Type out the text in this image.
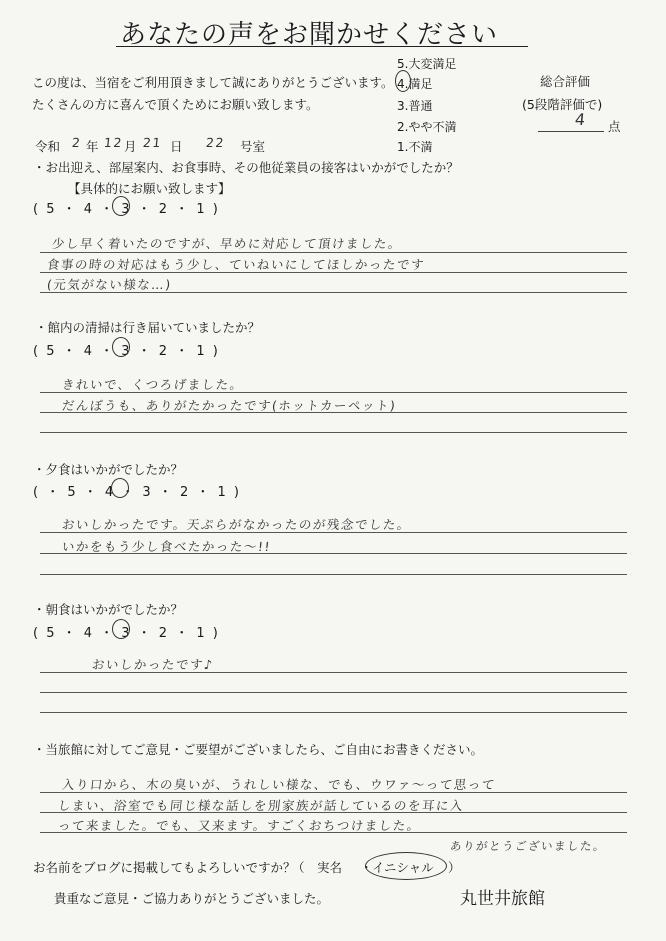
あなたの声をお聞かせください
この度は、当宿をご利用頂きまして誠にありがとうございます。
たくさんの方に喜んで頂くためにお願い致します。
5.大変満足
4.満足
3.普通
2.やや不満
1.不満
総合評価
(5段階評価で)
4 点
令和 2 年 12 月 21 日 22 号室
・お出迎え、部屋案内、お食事時、その他従業員の接客はいかがでしたか？
【具体的にお願い致します】
( 5 ・ 4 ・ 3 ・ 2 ・ 1 )
少し早く着いたのですが、早めに対応して頂けました。
食事の時の対応はもう少し、ていねいにしてほしかったです
(元気がない様な…)
・館内の清掃は行き届いていましたか？
( 5 ・ 4 ・ 3 ・ 2 ・ 1 )
きれいで、くつろげました。
だんぼうも、ありがたかったです(ホットカーペット)
・夕食はいかがでしたか？
( ・ 5 ・ 4 ・ 3 ・ 2 ・ 1 )
おいしかったです。天ぷらがなかったのが残念でした。
いかをもう少し食べたかった〜!!
・朝食はいかがでしたか？
( 5 ・ 4 ・ 3 ・ 2 ・ 1 )
おいしかったです♪
・当旅館に対してご意見・ご要望がございましたら、ご自由にお書きください。
入り口から、木の臭いが、うれしい様な、でも、ウワァ〜って思って
しまい、浴室でも同じ様な話しを別家族が話しているのを耳に入
って来ました。でも、又来ます。すごくおちつけました。
ありがとうございました。
お名前をブログに掲載してもよろしいですか？
（　実名 ・ イニシャル ）
貴重なご意見・ご協力ありがとうございました。	丸世井旅館
